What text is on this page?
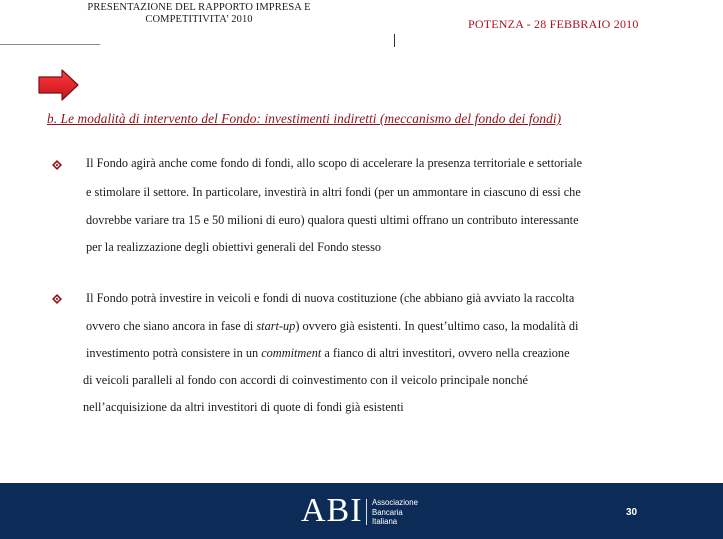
PRESENTAZIONE DEL RAPPORTO IMPRESA E
COMPETITIVITA’ 2010	POTENZA - 28 FEBBRAIO 2010
b. Le modalità di intervento del Fondo: investimenti indiretti (meccanismo del fondo dei fondi)
Il Fondo agirà anche come fondo di fondi, allo scopo di accelerare la presenza territoriale e settoriale
e stimolare il settore. In particolare, investirà in altri fondi (per un ammontare in ciascuno di essi che
dovrebbe variare tra 15 e 50 milioni di euro) qualora questi ultimi offrano un contributo interessante
per la realizzazione degli obiettivi generali del Fondo stesso
Il Fondo potrà investire in veicoli e fondi di nuova costituzione (che abbiano già avviato la raccolta
ovvero che siano ancora in fase di start-up) ovvero già esistenti. In quest’ultimo caso, la modalità di
investimento potrà consistere in un commitment a fianco di altri investitori, ovvero nella creazione
di veicoli paralleli al fondo con accordi di coinvestimento con il veicolo principale nonché
nell’acquisizione da altri investitori di quote di fondi già esistenti
ABI Associazione
Bancaria
Italiana
30
